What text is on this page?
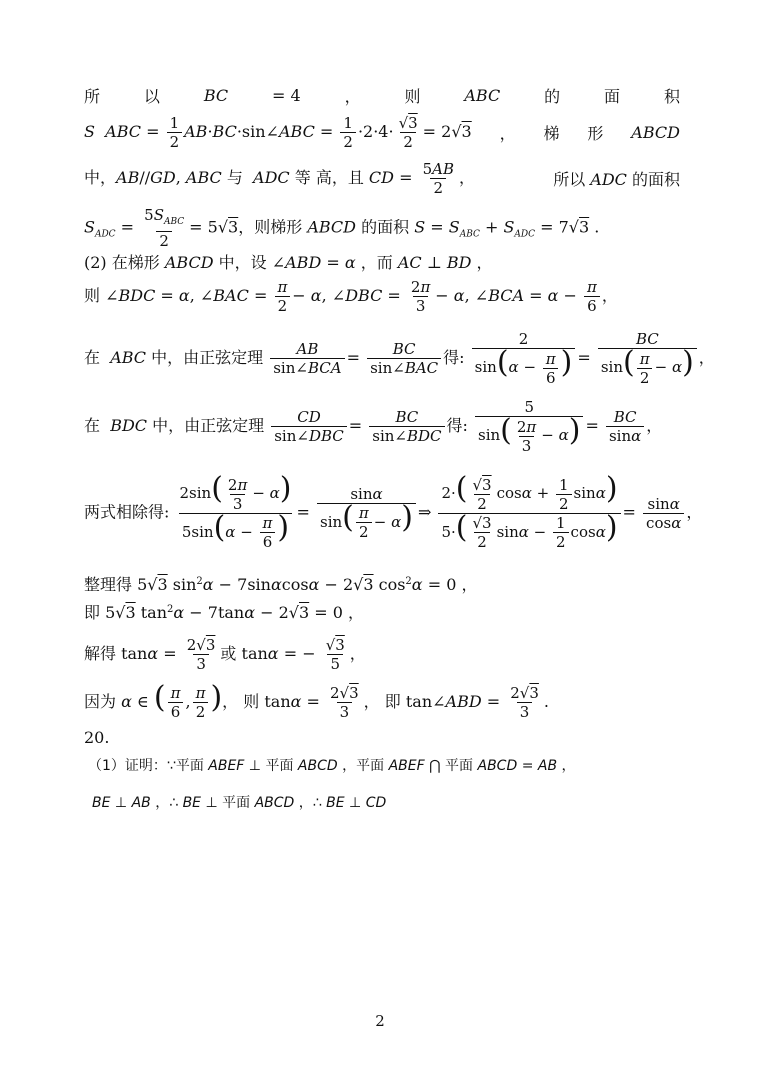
所	以	BC	= 4	，	则	ABC	的	面	积
S ABC = $\frac{1}{2}$ AB·BC·sin∠ABC = $\frac{1}{2} \cdot 2\cdot 4\cdot \frac{√3}{2} = 2√3$ ， 梯 形 ABCD
中，AB//GD, ABC 与  ADC 等 高，且 CD = $\frac{5AB}{2}$ ，	所以 ADC 的面积
$S_{ADC} = \frac{5S_{ABC}}{2} = 5√3$，则梯形 ABCD 的面积 $S = S_{ABC} + S_{ADC} = 7√3$ .
(2) 在梯形 ABCD 中，设 ∠ABD = α ，而 AC ⊥ BD ，
则 ∠BDC = α, ∠BAC = $\frac{\pi}{2} - \alpha$, ∠DBC = $\frac{2\pi}{3} - \alpha$, ∠BCA = $\alpha - \frac{\pi}{6}$ ，
在  ABC 中，由正弦定理 $\frac{AB}{\text{sin∠BCA}} = \frac{BC}{\text{sin∠BAC}}$ 得: $\frac{2}{\sin(\alpha - \frac{\pi}{6} )} = \frac{BC}{\sin( \frac{\pi}{2} - \alpha)}$ ，
在  BDC 中，由正弦定理 $\frac{CD}{\text{sin∠DBC}} = \frac{BC}{\text{sin∠BDC}}$ 得: $\frac{5}{\sin( \frac{2\pi}{3} - \alpha)} = \frac{BC}{\sin\alpha}$ ，
两式相除得: $\frac{2\sin( \frac{2\pi}{3} - \alpha)}{5\sin(\alpha - \frac{\pi}{6} )} = \frac{\sin\alpha}{\sin( \frac{\pi}{2} - \alpha)}$ ⇒ $\frac{2\cdot( \frac{√3}{2} \cos\alpha + \frac{1}{2} \sin\alpha)}{5\cdot( \frac{√3}{2} \sin\alpha - \frac{1}{2} \cos\alpha)} = \frac{\sin\alpha}{\cos\alpha}$ ，
整理得 5√3 $\sin^2\alpha - 7\sin\alpha\cos\alpha - 2√3$ $\cos^2\alpha = 0$ ，
即 5√3 $\tan^2\alpha - 7\tan\alpha - 2√3 = 0$ ，
解得 $\tan\alpha = \frac{2√3}{3}$ 或 tanα = − $\frac{√3}{5}$ ，
因为 α ∈ ( $\frac{\pi}{6}$ , $\frac{\pi}{2}$ )， 则 $\tan\alpha = \frac{2√3}{3}$ ， 即 tan∠ABD = $\frac{2√3}{3}$ .
20.
（1）证明：∵平面 ABEF ⊥ 平面 ABCD ，平面 ABEF ⋂ 平面 ABCD = AB ，
BE ⊥ AB ，∴ BE ⊥ 平面 ABCD ，∴ BE ⊥ CD
2
